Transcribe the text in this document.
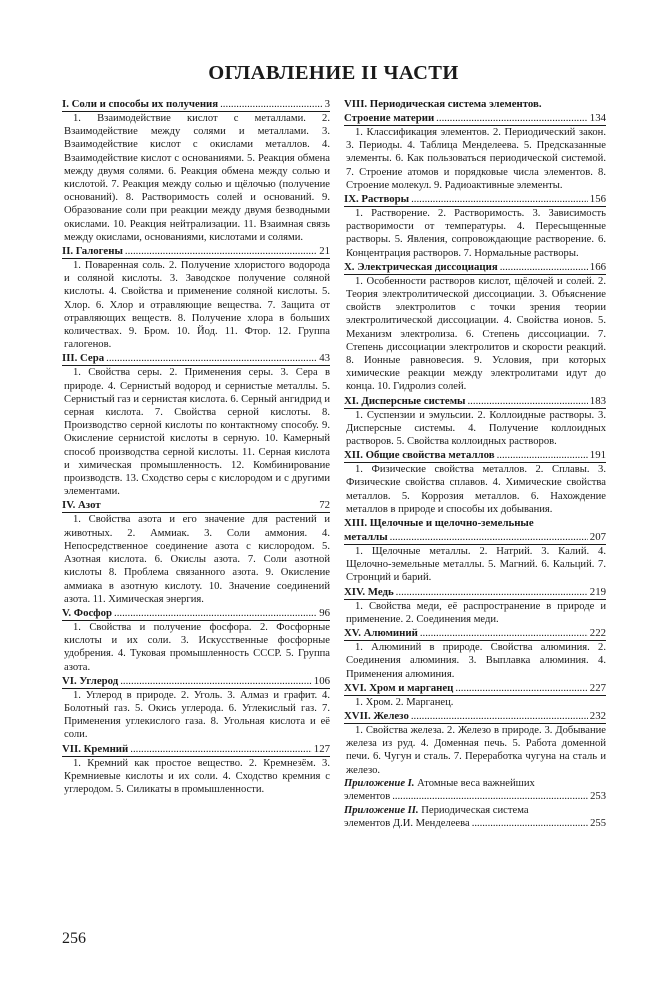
ОГЛАВЛЕНИЕ II ЧАСТИ
I. Соли и способы их получения .....	3
1. Взаимодействие кислот с металлами. 2. Взаимодействие между солями и металлами. 3. Взаимодействие кислот с окислами металлов. 4. Взаимодействие кислот с основаниями. 5. Реакция обмена между двумя солями. 6. Реакция обмена между солью и кислотой. 7. Реакция между солью и щёлочью (получение оснований). 8. Растворимость солей и оснований. 9. Образование соли при реакции между двумя безводными окислами. 10. Реакция нейтрализации. 11. Взаимная связь между окислами, основаниями, кислотами и солями.
II. Галогены .....	21
1. Поваренная соль. 2. Получение хлористого водорода и соляной кислоты. 3. Заводское получение соляной кислоты. 4. Свойства и применение соляной кислоты. 5. Хлор. 6. Хлор и отравляющие вещества. 7. Защита от отравляющих веществ. 8. Получение хлора в больших количествах. 9. Бром. 10. Йод. 11. Фтор. 12. Группа галогенов.
III. Сера .....	43
1. Свойства серы. 2. Применения серы. 3. Сера в природе. 4. Сернистый водород и сернистые металлы. 5. Сернистый газ и сернистая кислота. 6. Серный ангидрид и серная кислота. 7. Свойства серной кислоты. 8. Производство серной кислоты по контактному способу. 9. Окисление сернистой кислоты в серную. 10. Камерный способ производства серной кислоты. 11. Серная кислота и химическая промышленность. 12. Комбинирование производств. 13. Сходство серы с кислородом и с другими элементами.
IV. Азот	72
1. Свойства азота и его значение для растений и животных. 2. Аммиак. 3. Соли аммония. 4. Непосредственное соединение азота с кислородом. 5. Азотная кислота. 6. Окислы азота. 7. Соли азотной кислоты 8. Проблема связанного азота. 9. Окисление аммиака в азотную кислоту. 10. Значение соединений азота. 11. Химическая энергия.
V. Фосфор .....	96
1. Свойства и получение фосфора. 2. Фосфорные кислоты и их соли. 3. Искусственные фосфорные удобрения. 4. Туковая промышленность СССР. 5. Группа азота.
VI. Углерод .....	106
1. Углерод в природе. 2. Уголь. 3. Алмаз и графит. 4. Болотный газ. 5. Окись углерода. 6. Углекислый газ. 7. Применения углекислого газа. 8. Угольная кислота и её соли.
VII. Кремний .....	127
1. Кремний как простое вещество. 2. Кремнезём. 3. Кремниевые кислоты и их соли. 4. Сходство кремния с углеродом. 5. Силикаты в промышленности.
VIII. Периодическая система элементов.
Строение материи .....	134
1. Классификация элементов. 2. Периодический закон. 3. Периоды. 4. Таблица Менделеева. 5. Предсказанные элементы. 6. Как пользоваться периодической системой. 7. Строение атомов и порядковые числа элементов. 8. Строение молекул. 9. Радиоактивные элементы.
IX. Растворы .....	156
1. Растворение. 2. Растворимость. 3. Зависимость растворимости от температуры. 4. Пересыщенные растворы. 5. Явления, сопровождающие растворение. 6. Концентрация растворов. 7. Нормальные растворы.
X. Электрическая диссоциация .....	166
1. Особенности растворов кислот, щёлочей и солей. 2. Теория электролитической диссоциации. 3. Объяснение свойств электролитов с точки зрения теории электролитической диссоциации. 4. Свойства ионов. 5. Механизм электролиза. 6. Степень диссоциации. 7. Степень диссоциации электролитов и скорости реакций. 8. Ионные равновесия. 9. Условия, при которых химические реакции между электролитами идут до конца. 10. Гидролиз солей.
XI. Дисперсные системы .....	183
1. Суспензии и эмульсии. 2. Коллоидные растворы. 3. Дисперсные системы. 4. Получение коллоидных растворов. 5. Свойства коллоидных растворов.
XII. Общие свойства металлов .....	191
1. Физические свойства металлов. 2. Сплавы. 3. Физические свойства сплавов. 4. Химические свойства металлов. 5. Коррозия металлов. 6. Нахождение металлов в природе и способы их добывания.
XIII. Щелочные и щелочно-земельные
металлы .....	207
1. Щелочные металлы. 2. Натрий. 3. Калий. 4. Щелочно-земельные металлы. 5. Магний. 6. Кальций. 7. Стронций и барий.
XIV. Медь .....	219
1. Свойства меди, её распространение в природе и применение. 2. Соединения меди.
XV. Алюминий .....	222
1. Алюминий в природе. Свойства алюминия. 2. Соединения алюминия. 3. Выплавка алюминия. 4. Применения алюминия.
XVI. Хром и марганец .....	227
1. Хром. 2. Марганец.
XVII. Железо .....	232
1. Свойства железа. 2. Железо в природе. 3. Добывание железа из руд. 4. Доменная печь. 5. Работа доменной печи. 6. Чугун и сталь. 7. Переработка чугуна на сталь и железо.
Приложение I. Атомные веса важнейших
элементов .....	253
Приложение II. Периодическая система
элементов Д.И. Менделеева .....	255
256
